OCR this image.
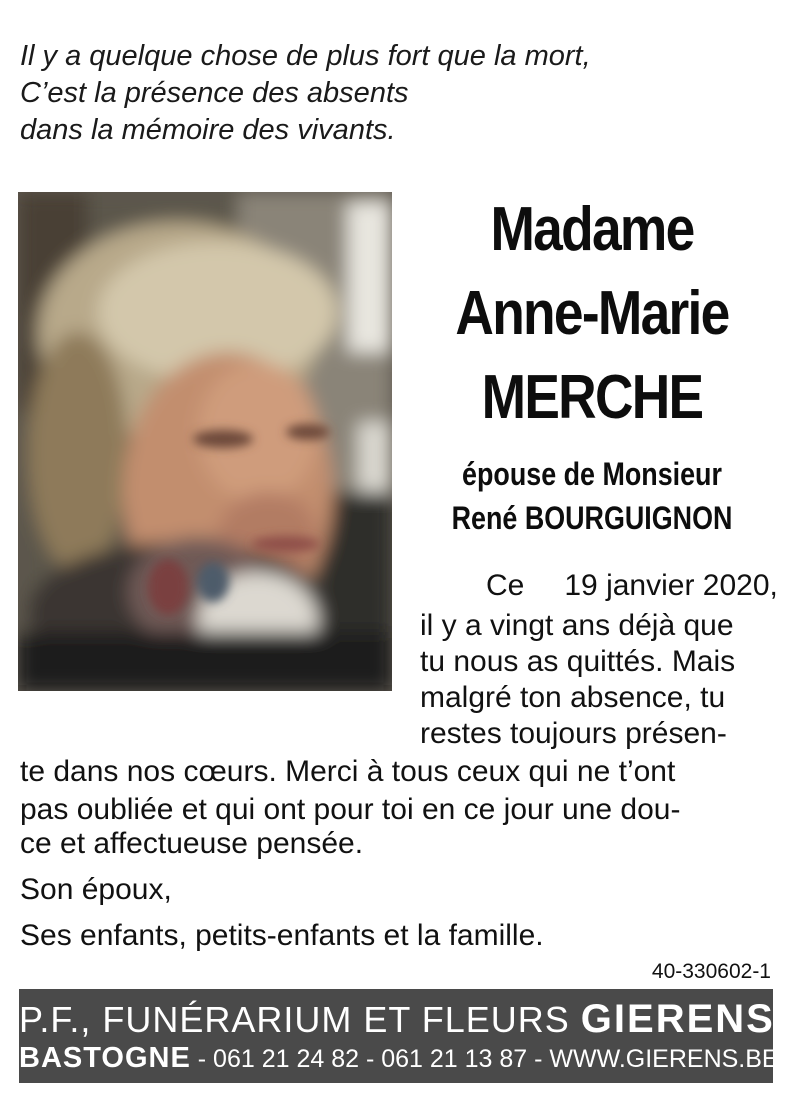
Il y a quelque chose de plus fort que la mort,
C’est la présence des absents
dans la mémoire des vivants.
Madame
Anne-Marie
MERCHE
épouse de Monsieur
René BOURGUIGNON
Ce 19 janvier 2020,
il y a vingt ans déjà que
tu nous as quittés. Mais
malgré ton absence, tu
restes toujours présen-
te dans nos cœurs. Merci à tous ceux qui ne t’ont
pas oubliée et qui ont pour toi en ce jour une dou-
ce et affectueuse pensée.
Son époux,
Ses enfants, petits-enfants et la famille.
40-330602-1
P.F., FUNÉRARIUM ET FLEURS GIERENS
BASTOGNE - 061 21 24 82 - 061 21 13 87 - WWW.GIERENS.BE
